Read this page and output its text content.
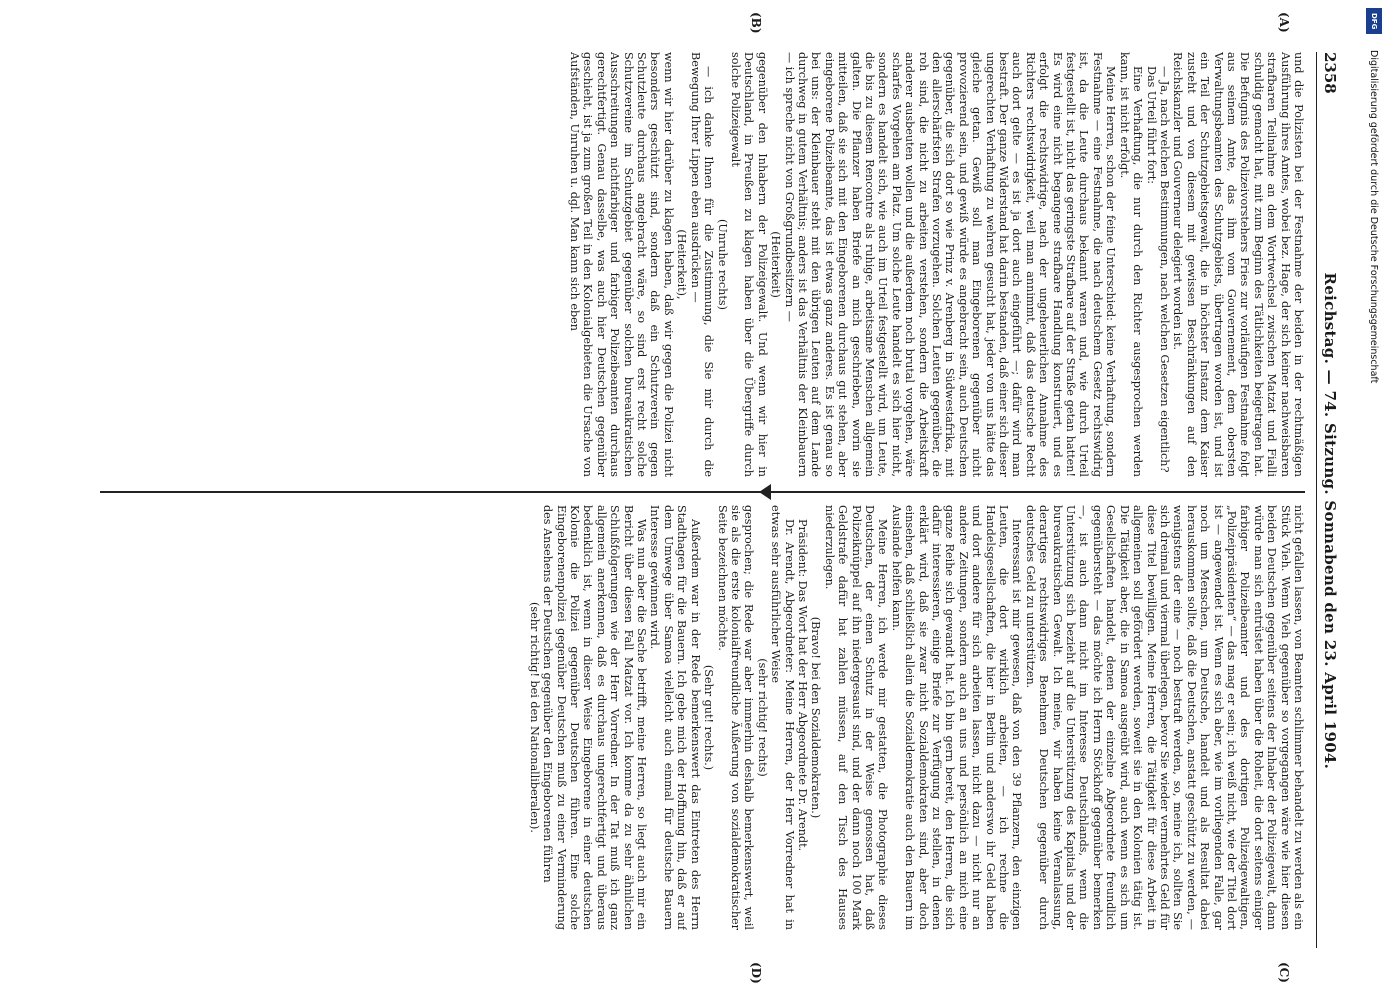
2358
Reichstag. — 74. Sitzung. Sonnabend den 23. April 1904.
(A)
(B)
(C)
(D)

und die Polizisten bei der Festnahme der beiden in der rechtmäßigen Ausführung ihres Amtes, wobei bez. Hage, der sich keiner nachweisbaren strafbaren Teilnahme an dem Wortwechsel zwischen Matzat und Fialli schuldig gemacht hat, mit zum Beginn des Tätlichkeiten beigetragen hat. Die Befugnis des Polizeivorstehers Fries zur vorläufigen Festnahme folgt aus seinem Amte, das ihm vom Gouvernement, dem obersten Verwaltungsbeamten des Schutzgebiets, übertragen worden ist, und ist ein Teil der Schutzgebietsgewalt, die in höchster Instanz dem Kaiser zusteht und von diesem mit gewissen Beschränkungen auf den Reichskanzler und Gouverneur delegiert worden ist.

— Ja, nach welchen Bestimmungen, nach welchen Gesetzen eigentlich?

Das Urteil führt fort:

Eine Verhaftung, die nur durch den Richter ausgesprochen werden kann, ist nicht erfolgt.

Meine Herren, schon der feine Unterschied: keine Verhaftung, sondern Festnahme — eine Festnahme, die nach deutschem Gesetz rechtswidrig ist, da die Leute durchaus bekannt waren und, wie durch Urteil festgestellt ist, nicht das geringste Strafbare auf der Straße getan hatten! Es wird eine nicht begangene strafbare Handlung konstruiert, und es erfolgt die rechtswidrige, nach der ungeheuerlichen Annahme des Richters rechtswidrigkeit, weil man annimmt, daß das deutsche Recht auch dort gelte — es ist ja dort auch eingeführt —; dafür wird man bestraft. Der ganze Widerstand hat darin bestanden, daß einer sich dieser ungerechten Verhaftung zu wehren gesucht hat, jeder von uns hätte das gleiche getan. Gewiß soll man Eingeborenen gegenüber nicht provozierend sein, und gewiß würde es angebracht sein, auch Deutschen gegenüber, die sich dort so wie Prinz v. Arenberg in Südwestafrika, mit den allerschärfsten Strafen vorzugehen. Solchen Leuten gegenüber, die roh sind, die nicht zu arbeiten verstehen, sondern die Arbeitskraft anderer ausbeuten wollen und die außerdem noch brutal vorgehen, wäre scharfes Vorgehen am Platz. Um solche Leute handelt es sich hier nicht, sondern es handelt sich, wie auch im Urteil festgestellt wird, um Leute, die bis zu diesem Rencontre als ruhige, arbeitsame Menschen allgemein galten. Die Pflanzer haben Briefe an mich geschrieben, worin sie mitteilen, daß sie sich mit den Eingeborenen durchaus gut stehen, aber eingeborene Polizeibeamte, das ist etwas ganz anderes. Es ist genau so bei uns: der Kleinbauer steht mit den übrigen Leuten auf dem Lande durchweg in gutem Verhältnis; anders ist das Verhältnis der Kleinbauern — ich spreche nicht von Großgrundbesitzern —

(Heiterkeit)

gegenüber den Inhabern der Polizeigewalt. Und wenn wir hier in Deutschland, in Preußen zu klagen haben über die Übergriffe durch solche Polizeigewalt

(Unruhe rechts)

— ich danke Ihnen für die Zustimmung, die Sie mir durch die Bewegung Ihrer Lippen eben ausdrücken —

(Heiterkeit),

wenn wir hier darüber zu klagen haben, daß wir gegen die Polizei nicht besonders geschützt sind, sondern daß ein Schutzverein gegen Schutzleute durchaus angebracht wäre, so sind erst recht solche Schutzvereine im Schutzgebiet gegenüber solchen bureaukratischen Ausschreitungen nichtfarbiger und farbiger Polizeibeamten durchaus gerechtfertigt. Genau dasselbe, was auch hier Deutschen gegenüber geschieht, ist ja zum großen Teil in den Kolonialgebieten die Ursache von Aufständen, Unruhen u. dgl. Man kann sich eben

nicht gefallen lassen, von Beamten schlimmer behandelt zu werden als ein Stück Vieh. Wenn Vieh gegenüber so vorgegangen wäre wie hier diesen beiden Deutschen gegenüber seitens der Inhaber der Polizeigewalt, dann würde man sich entrüstet haben über die Roheit, die dort seitens einiger farbiger Polizeibeamter und des dortigen Polizeigewaltigen, „Polizeipräsidenten“ — das mag er sein; ich weiß nicht, wie der Titel dort ist — angewendet ist. Wenn es sich aber, wie im vorliegenden Falle, gar noch um Menschen, um Deutsche, handelt und als Resultat dabei herauskommen sollte, daß die Deutschen, anstatt geschützt zu werden, — wenigstens der eine — noch bestraft werden, so, meine ich, sollten Sie sich dreimal und viermal überlegen, bevor Sie wieder vermehrtes Geld für diese Titel bewilligen. Meine Herren, die Tätigkeit für diese Arbeit in allgemeinen soll gefördert werden, soweit sie in den Kolonien tätig ist. Die Tätigkeit aber, die in Samoa ausgeübt wird, auch wenn es sich um Gesellschaften handelt, denen der einzelne Abgeordnete freundlich gegenübersteht — das möchte ich Herrn Stöckhoff gegenüber bemerken —, ist auch dann nicht im Interesse Deutschlands, wenn die Unterstützung sich bezieht auf die Unterstützung des Kapitals und der bureaukratischen Gewalt. Ich meine, wir haben keine Veranlassung, derartiges rechtswidriges Benehmen Deutschen gegenüber durch deutsches Geld zu unterstützen.

Interessant ist mir gewesen, daß von den 39 Pflanzern, den einzigen Leuten, die dort wirklich arbeiten, — ich rechne die Handelsgesellschaften, die hier in Berlin und anderswo ihr Geld haben und dort andere für sich arbeiten lassen, nicht dazu — nicht nur an andere Zeitungen, sondern auch an uns und persönlich an mich eine ganze Reihe sich gewandt hat. Ich bin gern bereit, den Herren, die sich dafür interessieren, einige Briefe zur Verfügung zu stellen, in denen erklärt wird, daß sie zwar nicht Sozialdemokraten sind, aber doch einsehen, daß schließlich allein die Sozialdemokratie auch den Bauern im Auslande helfen kann.

Meine Herren, ich werde mir gestatten, die Photographie dieses Deutschen, der einen Schutz in der Weise genossen hat, daß Polizeiknüppel auf ihn niedergesaust sind, und der dann noch 100 Mark Geldstrafe dafür hat zahlen müssen, auf den Tisch des Hauses niederzulegen.

(Bravo! bei den Sozialdemokraten.)

Präsident: Das Wort hat der Herr Abgeordnete Dr. Arendt.

Dr. Arendt, Abgeordneter: Meine Herren, der Herr Vorredner hat in etwas sehr ausführlicher Weise

(sehr richtig! rechts)

gesprochen; die Rede war aber immerhin deshalb bemerkenswert, weil sie als die erste kolonialfreundliche Äußerung von sozialdemokratischer Seite bezeichnen möchte.

(Sehr gut! rechts.)

Außerdem war in der Rede bemerkenswert das Eintreten des Herrn Stadthagen für die Bauern. Ich gebe mich der Hoffnung hin, daß er auf dem Umwege über Samoa vielleicht auch einmal für deutsche Bauern Interesse gewinnen wird.

Was nun aber die Sache betrifft, meine Herren, so liegt auch mir ein Bericht über diesen Fall Matzat vor. Ich komme da zu sehr ähnlichen Schlußfolgerungen wie der Herr Vorredner. In der Tat muß ich ganz allgemein anerkennen, daß es durchaus ungerechtfertigt und überaus bedenklich ist, wenn in dieser Weise Eingeborene in einer deutschen Kolonie die Polizei gegenüber Deutschen führen. Eine solche Eingeborenenpolizei gegenüber Deutschen muß zu einer Verminderung des Ansehens der Deutschen gegenüber den Eingeborenen führen

(sehr richtig! bei den Nationalliberalen).

DFG
Digitalisierung gefördert durch die Deutsche Forschungsgemeinschaft
